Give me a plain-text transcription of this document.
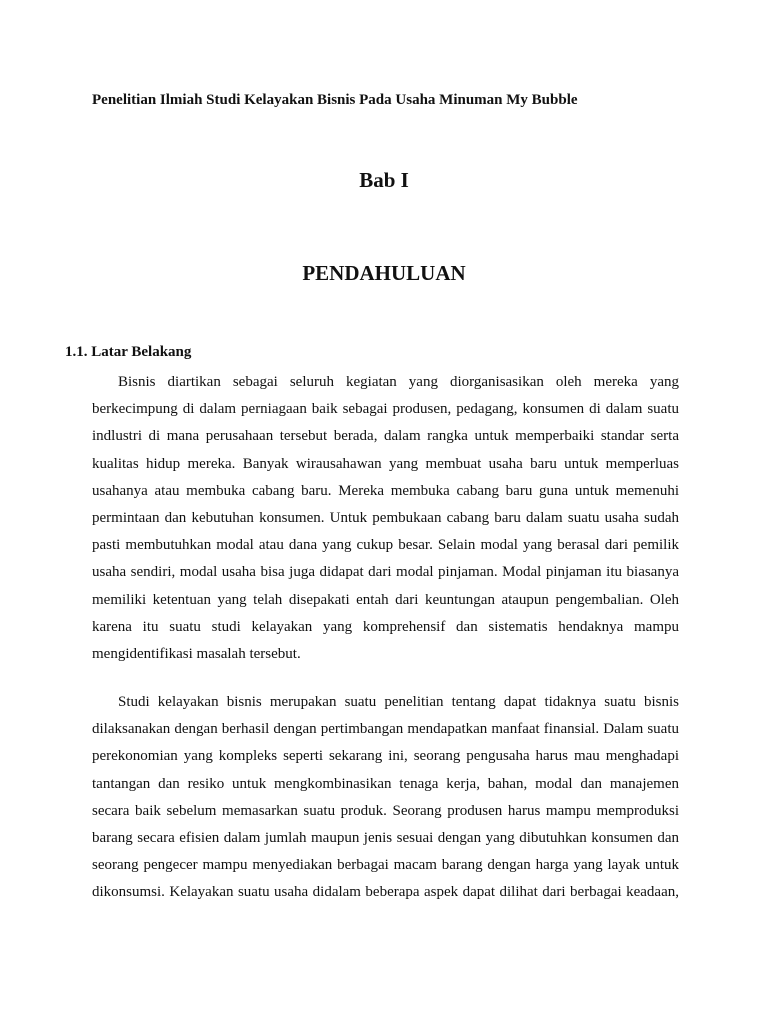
Penelitian Ilmiah Studi Kelayakan Bisnis Pada Usaha Minuman My Bubble
Bab I
PENDAHULUAN
1.1. Latar Belakang
Bisnis diartikan sebagai seluruh kegiatan yang diorganisasikan oleh mereka yang
berkecimpung di dalam perniagaan baik sebagai produsen, pedagang, konsumen di dalam suatu
indlustri di mana perusahaan tersebut berada, dalam rangka untuk memperbaiki standar serta
kualitas hidup mereka. Banyak wirausahawan yang membuat usaha baru untuk memperluas
usahanya atau membuka cabang baru. Mereka membuka cabang baru guna untuk memenuhi
permintaan dan kebutuhan konsumen. Untuk pembukaan cabang baru dalam suatu usaha sudah
pasti membutuhkan modal atau dana yang cukup besar. Selain modal yang berasal dari pemilik
usaha sendiri, modal usaha bisa juga didapat dari modal pinjaman. Modal pinjaman itu biasanya
memiliki ketentuan yang telah disepakati entah dari keuntungan ataupun pengembalian. Oleh
karena itu suatu studi kelayakan yang komprehensif dan sistematis hendaknya mampu
mengidentifikasi masalah tersebut.
Studi kelayakan bisnis merupakan suatu penelitian tentang dapat tidaknya suatu bisnis
dilaksanakan dengan berhasil dengan pertimbangan mendapatkan manfaat finansial. Dalam suatu
perekonomian yang kompleks seperti sekarang ini, seorang pengusaha harus mau menghadapi
tantangan dan resiko untuk mengkombinasikan tenaga kerja, bahan, modal dan manajemen
secara baik sebelum memasarkan suatu produk. Seorang produsen harus mampu memproduksi
barang secara efisien dalam jumlah maupun jenis sesuai dengan yang dibutuhkan konsumen dan
seorang pengecer mampu menyediakan berbagai macam barang dengan harga yang layak untuk
dikonsumsi. Kelayakan suatu usaha didalam beberapa aspek dapat dilihat dari berbagai keadaan,
